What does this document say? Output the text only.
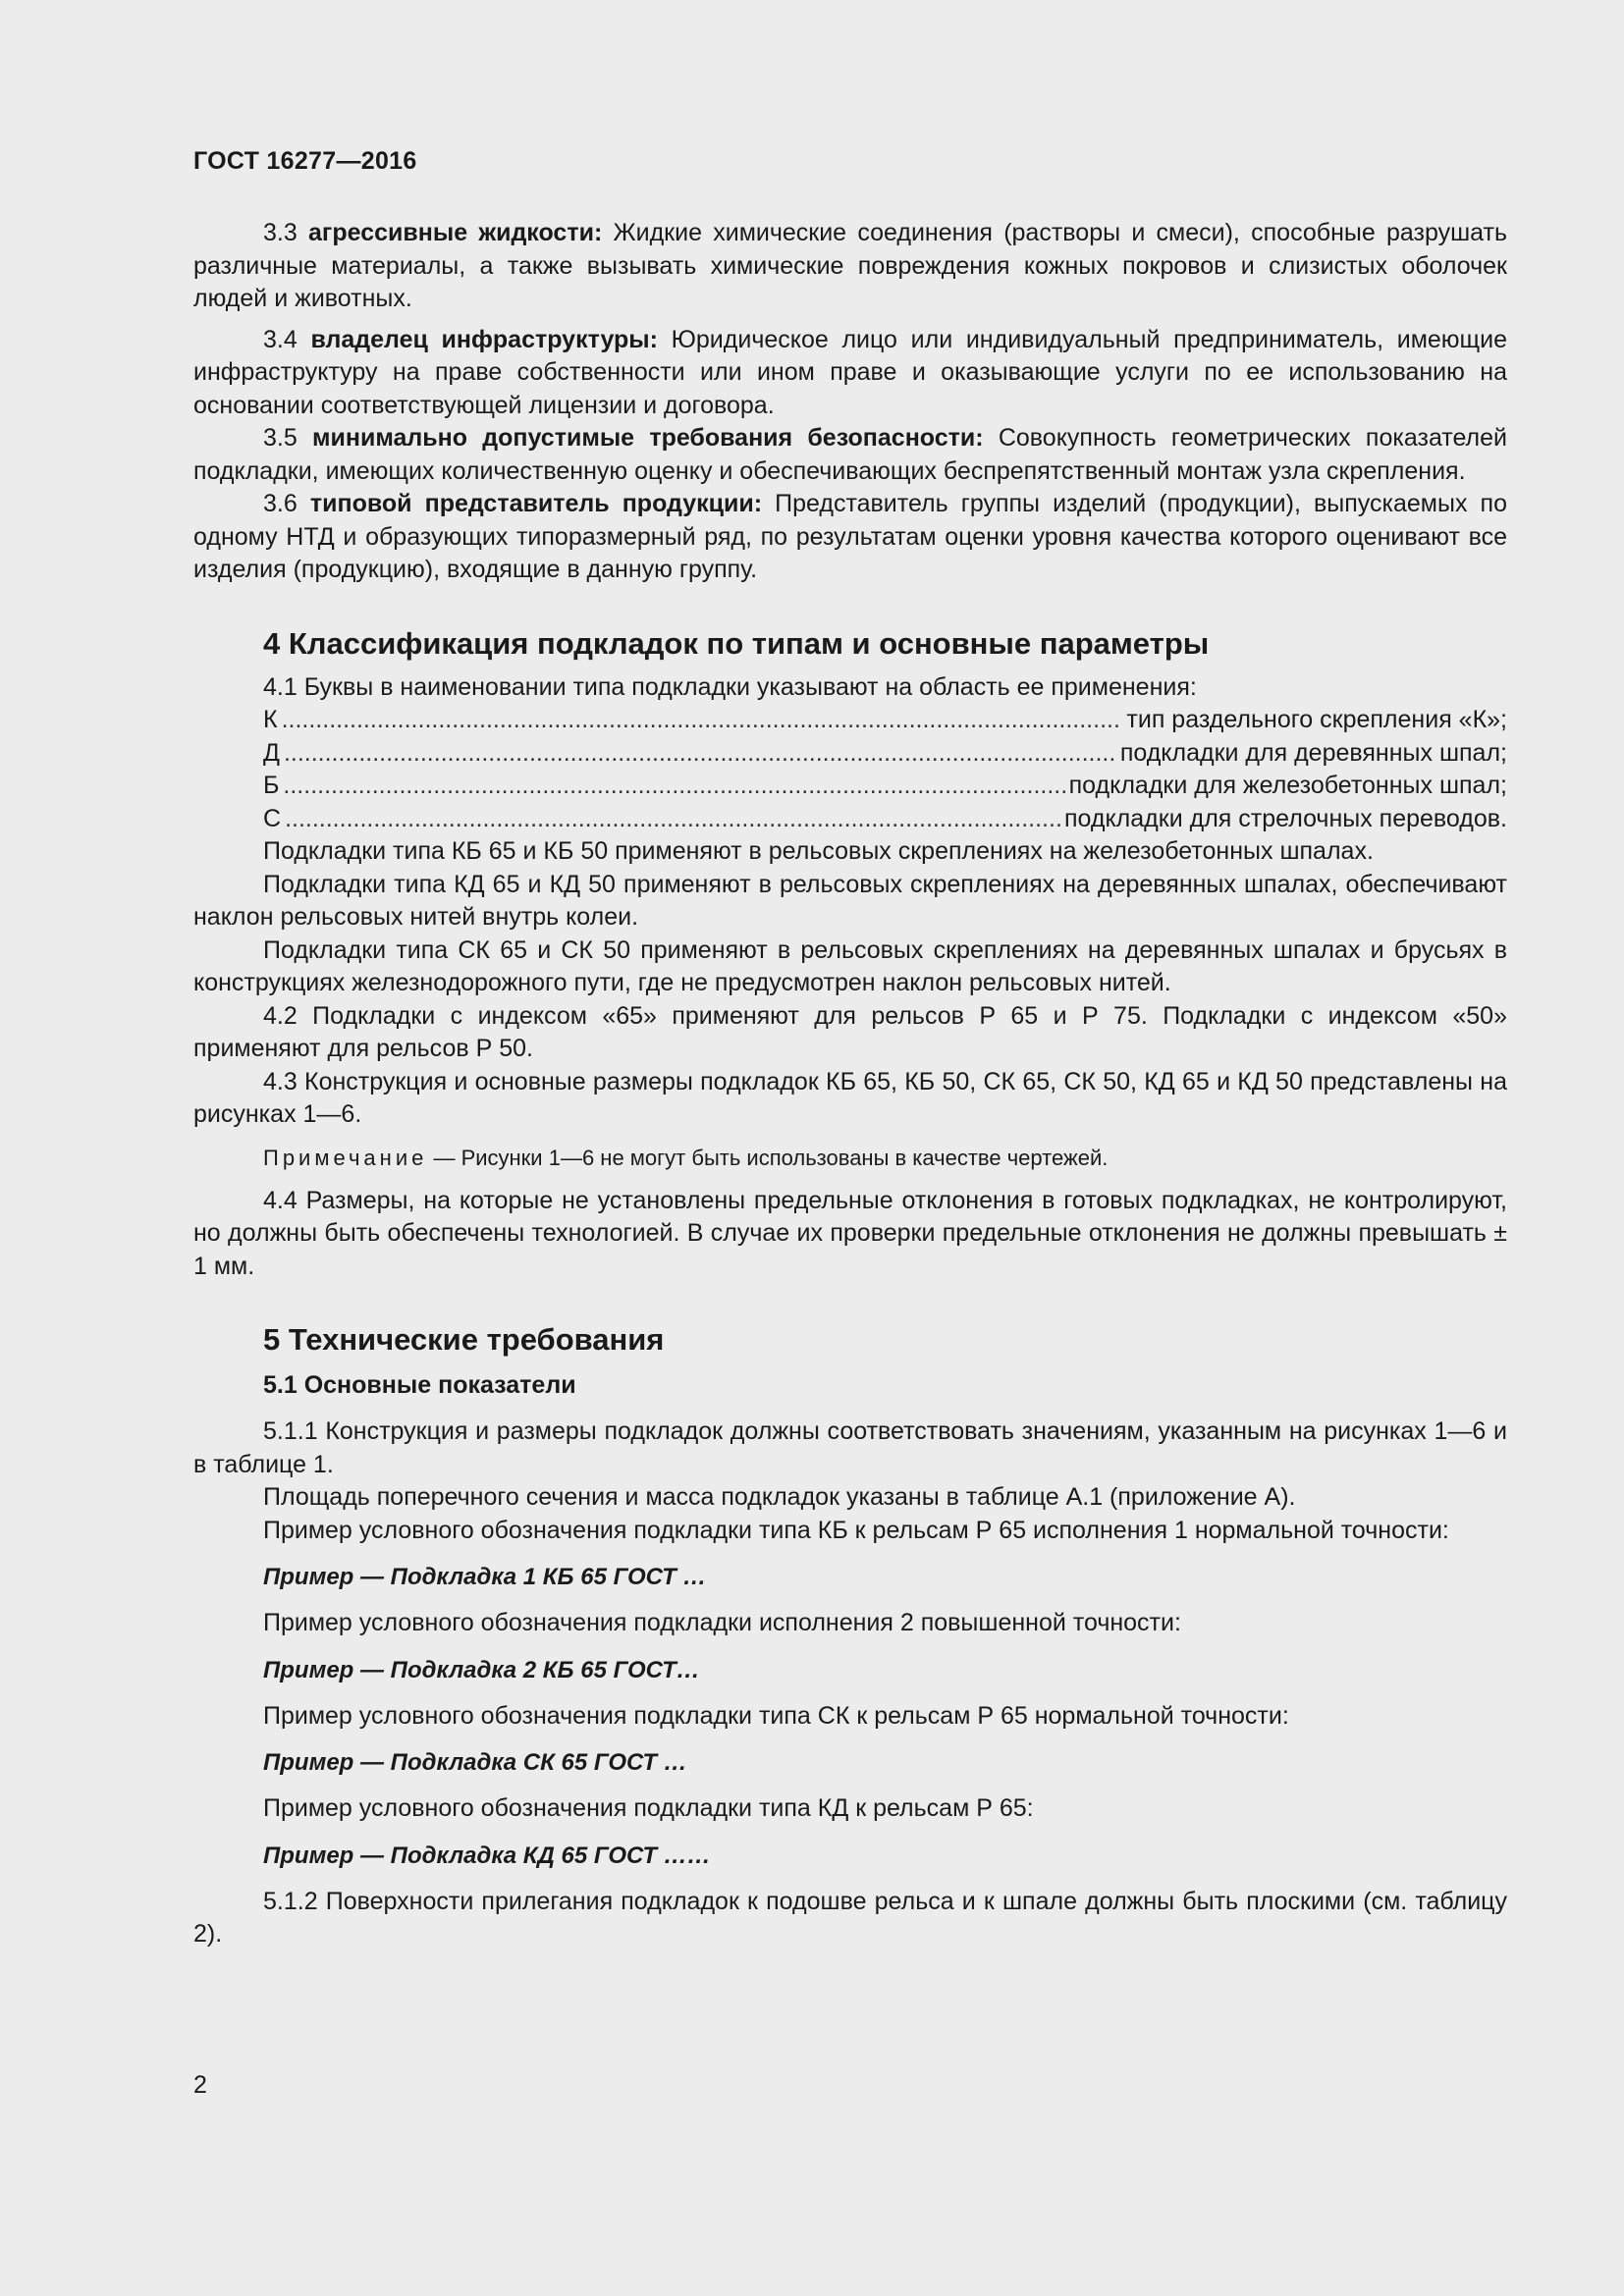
ГОСТ 16277—2016

3.3 агрессивные жидкости: Жидкие химические соединения (растворы и смеси), способные разрушать различные материалы, а также вызывать химические повреждения кожных покровов и слизистых оболочек людей и животных.

3.4 владелец инфраструктуры: Юридическое лицо или индивидуальный предприниматель, имеющие инфраструктуру на праве собственности или ином праве и оказывающие услуги по ее использованию на основании соответствующей лицензии и договора.

3.5 минимально допустимые требования безопасности: Совокупность геометрических показателей подкладки, имеющих количественную оценку и обеспечивающих беспрепятственный монтаж узла скрепления.

3.6 типовой представитель продукции: Представитель группы изделий (продукции), выпускаемых по одному НТД и образующих типоразмерный ряд, по результатам оценки уровня качества которого оценивают все изделия (продукцию), входящие в данную группу.

4 Классификация подкладок по типам и основные параметры

4.1 Буквы в наименовании типа подкладки указывают на область ее применения:

К .....	тип раздельного скрепления «К»;
Д .....	подкладки для деревянных шпал;
Б .....	подкладки для железобетонных шпал;
С .....	подкладки для стрелочных переводов.

Подкладки типа КБ 65 и КБ 50 применяют в рельсовых скреплениях на железобетонных шпалах.

Подкладки типа КД 65 и КД 50 применяют в рельсовых скреплениях на деревянных шпалах, обеспечивают наклон рельсовых нитей внутрь колеи.

Подкладки типа СК 65 и СК 50 применяют в рельсовых скреплениях на деревянных шпалах и брусьях в конструкциях железнодорожного пути, где не предусмотрен наклон рельсовых нитей.

4.2 Подкладки с индексом «65» применяют для рельсов Р 65 и Р 75. Подкладки с индексом «50» применяют для рельсов Р 50.

4.3 Конструкция и основные размеры подкладок КБ 65, КБ 50, СК 65, СК 50, КД 65 и КД 50 представлены на рисунках 1—6.

Примечание — Рисунки 1—6 не могут быть использованы в качестве чертежей.

4.4 Размеры, на которые не установлены предельные отклонения в готовых подкладках, не контролируют, но должны быть обеспечены технологией. В случае их проверки предельные отклонения не должны превышать ± 1 мм.

5 Технические требования
5.1 Основные показатели

5.1.1 Конструкция и размеры подкладок должны соответствовать значениям, указанным на рисунках 1—6 и в таблице 1.

Площадь поперечного сечения и масса подкладок указаны в таблице А.1 (приложение А).

Пример условного обозначения подкладки типа КБ к рельсам Р 65 исполнения 1 нормальной точности:

Пример — Подкладка 1 КБ 65 ГОСТ …

Пример условного обозначения подкладки исполнения 2 повышенной точности:

Пример — Подкладка 2 КБ 65 ГОСТ…

Пример условного обозначения подкладки типа СК к рельсам Р 65 нормальной точности:

Пример — Подкладка СК 65 ГОСТ …

Пример условного обозначения подкладки типа КД к рельсам Р 65:

Пример — Подкладка КД 65 ГОСТ ……

5.1.2 Поверхности прилегания подкладок к подошве рельса и к шпале должны быть плоскими (см. таблицу 2).

2
